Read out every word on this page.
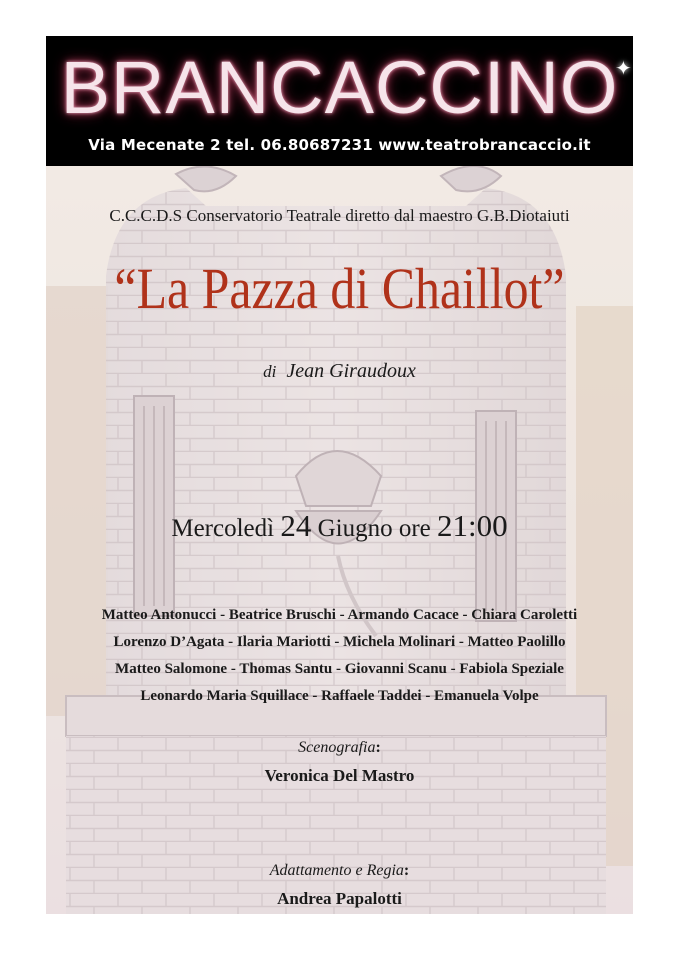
BRANCACCINO
✦
Via Mecenate 2 tel. 06.80687231 www.teatrobrancaccio.it
C.C.C.D.S Conservatorio Teatrale diretto dal maestro G.B.Diotaiuti
“La Pazza di Chaillot”
di Jean Giraudoux
Mercoledì 24 Giugno ore 21:00
Matteo Antonucci - Beatrice Bruschi - Armando Cacace - Chiara Caroletti
Lorenzo D’Agata - Ilaria Mariotti - Michela Molinari - Matteo Paolillo
Matteo Salomone - Thomas Santu - Giovanni Scanu - Fabiola Speziale
Leonardo Maria Squillace - Raffaele Taddei - Emanuela Volpe
Scenografia:
Veronica Del Mastro
Adattamento e Regia:
Andrea Papalotti
